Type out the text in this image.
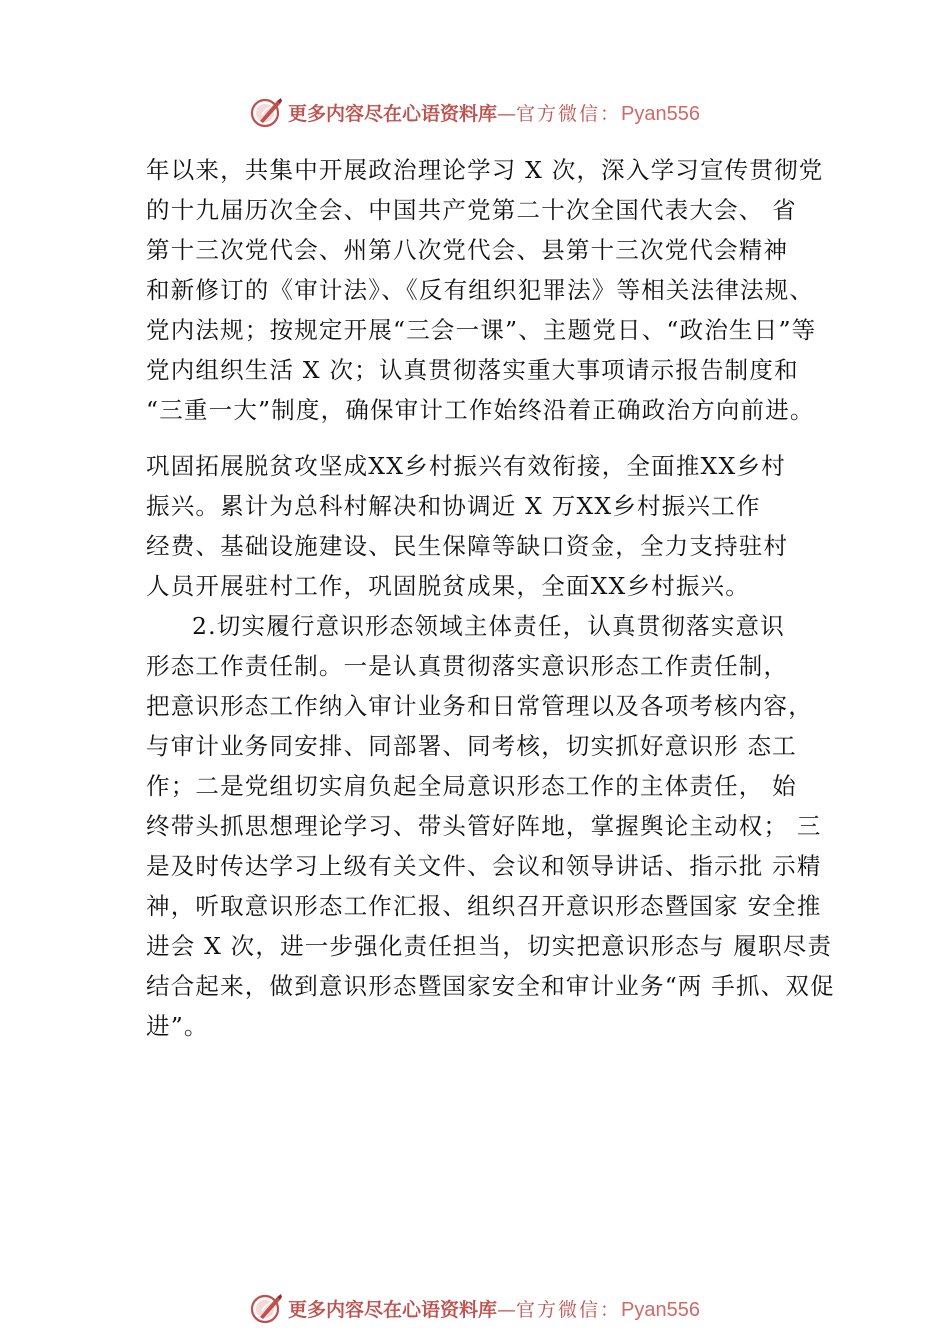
更多内容尽在心语资料库 — 官方微信： Pyan556
年以来，共集中开展政治理论学习 X 次，深入学习宣传贯彻党
的十九届历次全会、中国共产党第二十次全国代表大会、 省
第十三次党代会、州第八次党代会、县第十三次党代会精神
和新修订的《审计法》、《反有组织犯罪法》等相关法律法规、
党内法规；按规定开展“三会一课”、主题党日、“政治生日”等
党内组织生活 X 次；认真贯彻落实重大事项请示报告制度和
“三重一大”制度，确保审计工作始终沿着正确政治方向前进。
巩固拓展脱贫攻坚成XX乡村振兴有效衔接，全面推XX乡村
振兴。累计为总科村解决和协调近 X 万XX乡村振兴工作
经费、基础设施建设、民生保障等缺口资金，全力支持驻村
人员开展驻村工作，巩固脱贫成果，全面XX乡村振兴。
2.切实履行意识形态领域主体责任，认真贯彻落实意识
形态工作责任制。一是认真贯彻落实意识形态工作责任制，
把意识形态工作纳入审计业务和日常管理以及各项考核内容，
与审计业务同安排、同部署、同考核，切实抓好意识形 态工
作；二是党组切实肩负起全局意识形态工作的主体责任， 始
终带头抓思想理论学习、带头管好阵地，掌握舆论主动权； 三
是及时传达学习上级有关文件、会议和领导讲话、指示批 示精
神，听取意识形态工作汇报、组织召开意识形态暨国家 安全推
进会 X 次，进一步强化责任担当，切实把意识形态与 履职尽责
结合起来，做到意识形态暨国家安全和审计业务“两 手抓、双促
进”。
更多内容尽在心语资料库 — 官方微信： Pyan556
